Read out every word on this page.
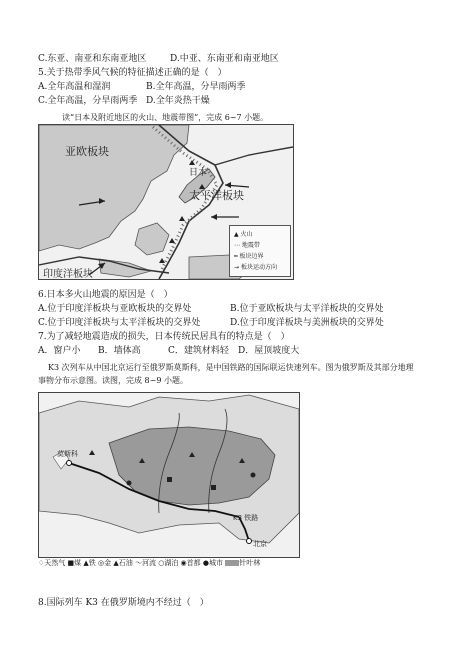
C.东亚、南亚和东南亚地区	D.中亚、东南亚和南亚地区
5.关于热带季风气候的特征描述正确的是（　）
A.全年高温和湿润	B.全年高温，分旱雨两季
C.全年高温，分旱雨两季 D.全年炎热干燥
读“日本及附近地区的火山、地震带图”，完成 6~7 小题。
亚欧板块
日本
太平洋板块
印度洋板块
▲ 火山
⋯ 地震带
━ 板块边界
→ 板块运动方向
6.日本多火山地震的原因是（　）
A.位于印度洋板块与亚欧板块的交界处	B.位于亚欧板块与太平洋板块的交界处
C.位于印度洋板块与太平洋板块的交界处	D.位于印度洋板块与美洲板块的交界处
7.为了减轻地震造成的损失，日本传统民居具有的特点是（　）
A．窗户小 B．墙体高	C．建筑材料轻 D．屋顶坡度大
K3 次列车从中国北京运行至俄罗斯莫斯科，是中国铁路的国际联运快速列车。图为俄罗斯及其部分地理
事物分布示意图。读图，完成 8~9 小题。
莫斯科
K3 铁路
北京
♢天然气 ■煤 ▲铁 ◎金 ▲石油 〜河流 ○湖泊 ◉首都 ●城市 针叶林
8.国际列车 K3 在俄罗斯境内不经过（　）
